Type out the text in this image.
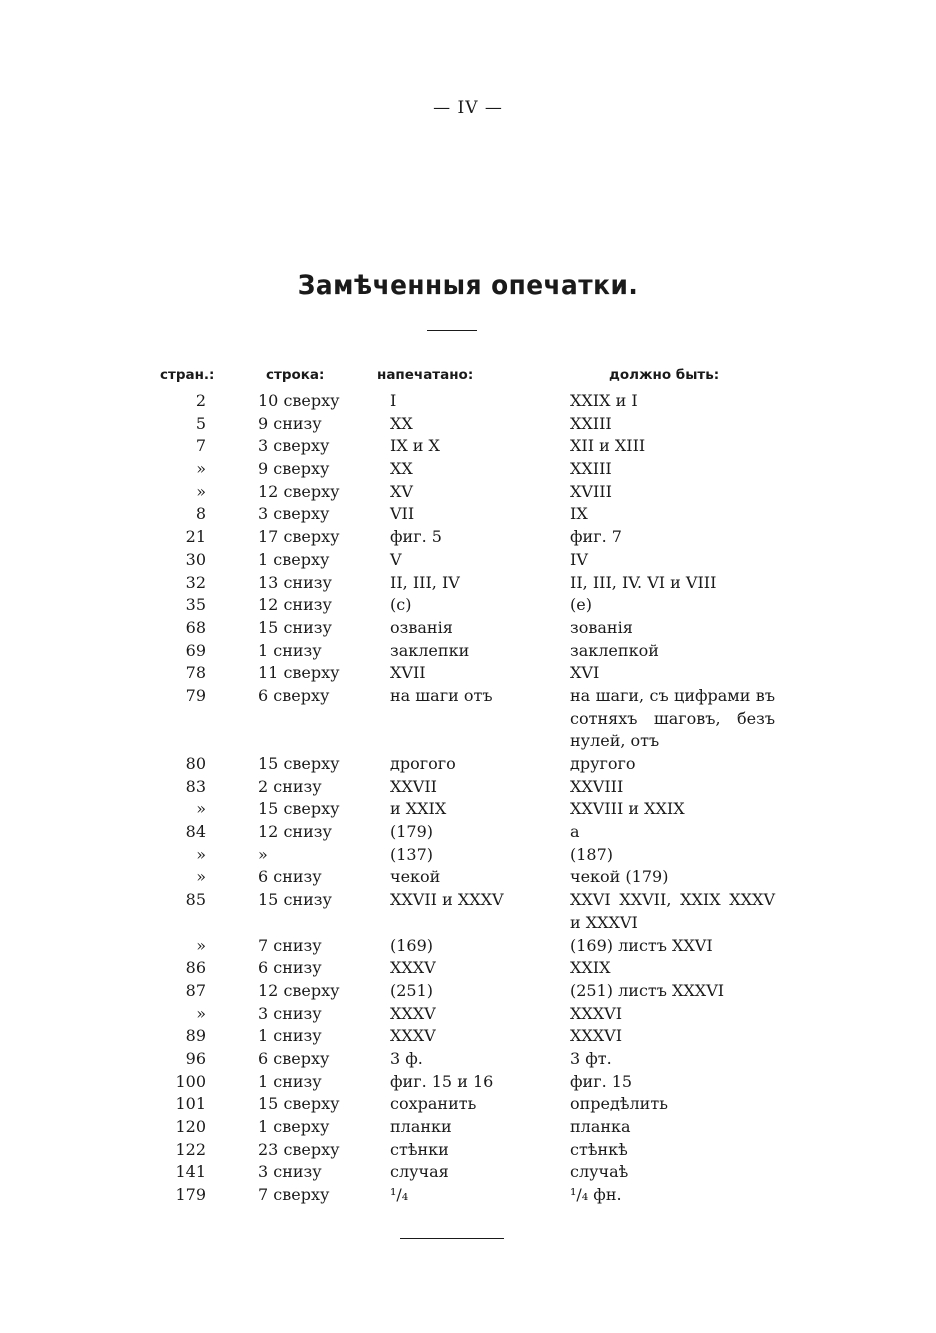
— IV —
Замѣченныя опечатки.
стран.:	строка:	напечатано:	должно быть:
2	10 сверху	I	XXIX и I
5	9 снизу	XX	XXIII
7	3 сверху	IX и X	XII и XIII
»	9 сверху	XX	XXIII
»	12 сверху	XV	XVIII
8	3 сверху	VII	IX
21	17 сверху	фиг. 5	фиг. 7
30	1 сверху	V	IV
32	13 снизу	II, III, IV	II, III, IV. VI и VIII
35	12 снизу	(c)	(e)
68	15 снизу	озванія	зованія
69	1 снизу	заклепки	заклепкой
78	11 сверху	XVII	XVI
79	6 сверху	на шаги отъ	на шаги, съ цифрами въ сотняхъ шаговъ, безъ нулей, отъ
80	15 сверху	дрогого	другого
83	2 снизу	XXVII	XXVIII
»	15 сверху	и XXIX	XXVIII и XXIX
84	12 снизу	(179)	a
»	»	(137)	(187)
»	6 снизу	чекой	чекой (179)
85	15 снизу	XXVII и XXXV	XXVI XXVII, XXIX XXXV и XXXVI
»	7 снизу	(169)	(169) листъ XXVI
86	6 снизу	XXXV	XXIX
87	12 сверху	(251)	(251) листъ XXXVI
»	3 снизу	XXXV	XXXVI
89	1 снизу	XXXV	XXXVI
96	6 сверху	3 ф.	3 фт.
100	1 снизу	фиг. 15 и 16	фиг. 15
101	15 сверху	сохранить	опредѣлить
120	1 сверху	планки	планка
122	23 сверху	стѣнки	стѣнкѣ
141	3 снизу	случая	случаѣ
179	7 сверху	¹/₄	¹/₄ фн.
